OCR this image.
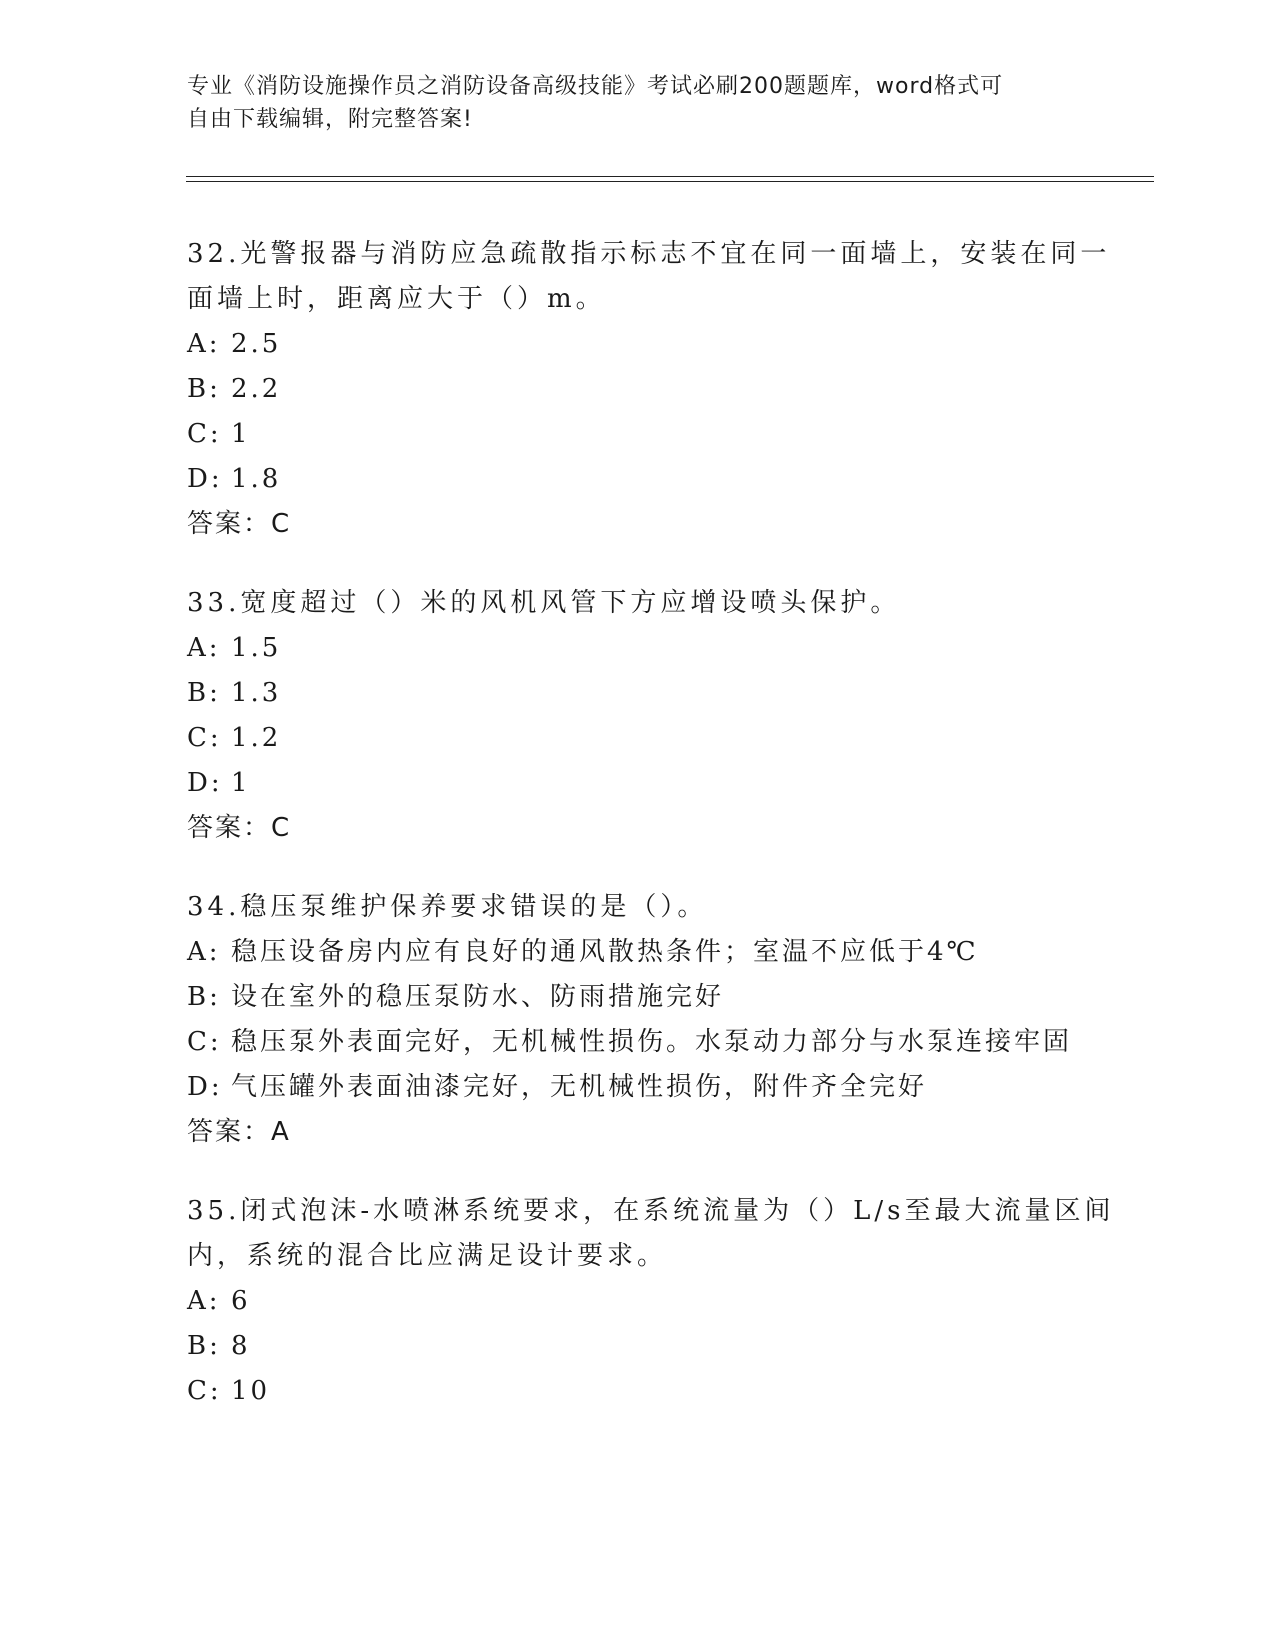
专业《消防设施操作员之消防设备高级技能》考试必刷200题题库，word格式可
自由下载编辑，附完整答案!
32.光警报器与消防应急疏散指示标志不宜在同一面墙上，安装在同一
面墙上时，距离应大于（）m。
A: 2.5
B: 2.2
C: 1
D: 1.8
答案：C
33.宽度超过（）米的风机风管下方应增设喷头保护。
A: 1.5
B: 1.3
C: 1.2
D: 1
答案：C
34.稳压泵维护保养要求错误的是（）。
A: 稳压设备房内应有良好的通风散热条件；室温不应低于4℃
B: 设在室外的稳压泵防水、防雨措施完好
C: 稳压泵外表面完好，无机械性损伤。水泵动力部分与水泵连接牢固
D: 气压罐外表面油漆完好，无机械性损伤，附件齐全完好
答案：A
35.闭式泡沫-水喷淋系统要求，在系统流量为（）L/s至最大流量区间
内，系统的混合比应满足设计要求。
A: 6
B: 8
C: 10
